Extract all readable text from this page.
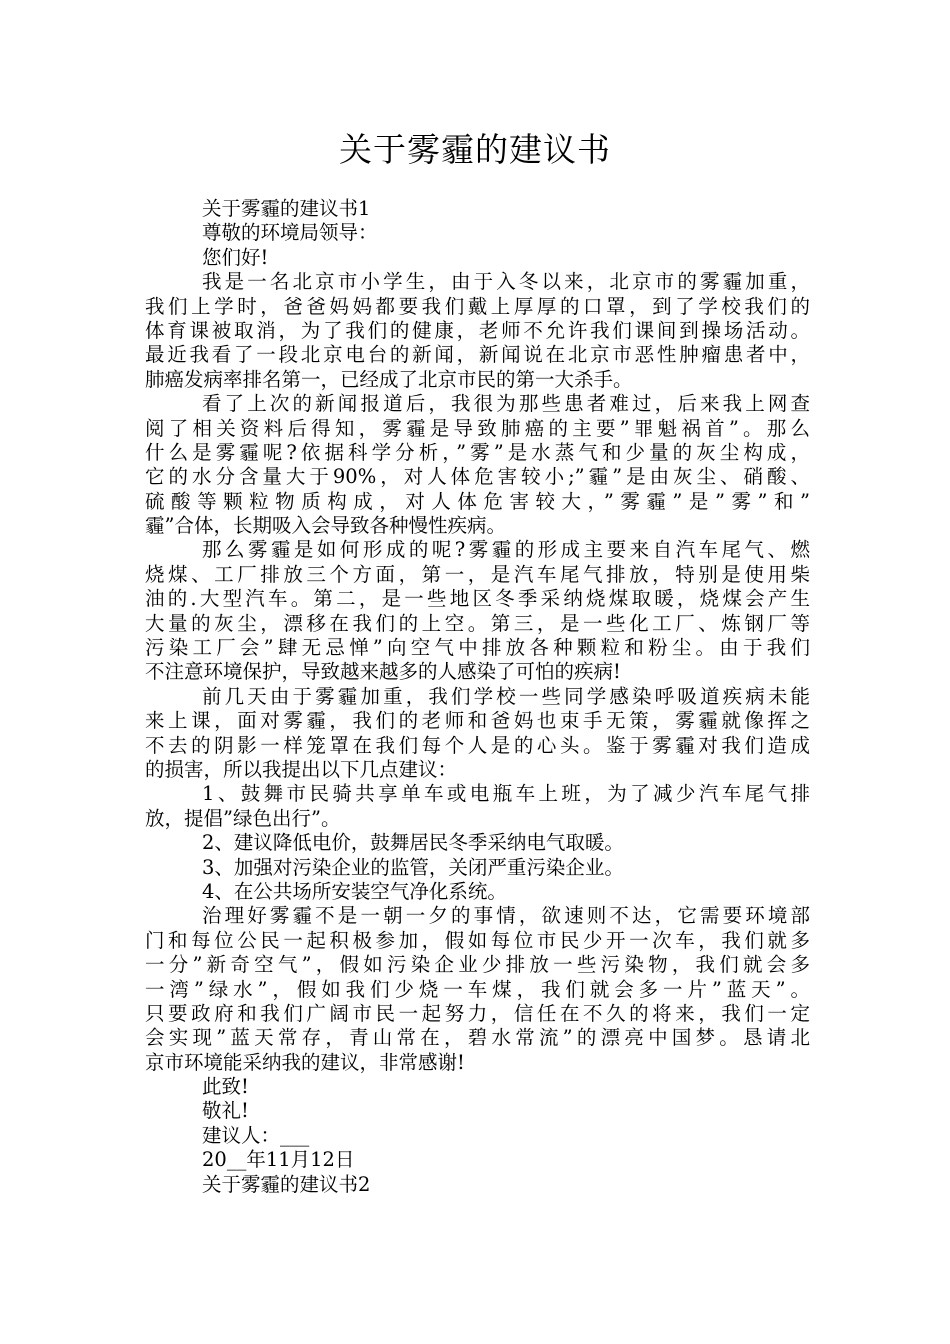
关于雾霾的建议书
关于雾霾的建议书1
尊敬的环境局领导：
您们好!
我是一名北京市小学生，由于入冬以来，北京市的雾霾加重，
我们上学时，爸爸妈妈都要我们戴上厚厚的口罩，到了学校我们的
体育课被取消，为了我们的健康，老师不允许我们课间到操场活动。
最近我看了一段北京电台的新闻，新闻说在北京市恶性肿瘤患者中，
肺癌发病率排名第一，已经成了北京市民的第一大杀手。
看了上次的新闻报道后，我很为那些患者难过，后来我上网查
阅了相关资料后得知，雾霾是导致肺癌的主要”罪魁祸首”。那么
什么是雾霾呢?依据科学分析，”雾”是水蒸气和少量的灰尘构成，
它的水分含量大于90%，对人体危害较小;”霾”是由灰尘、硝酸、
硫酸等颗粒物质构成，对人体危害较大，”雾霾”是”雾”和”
霾”合体，长期吸入会导致各种慢性疾病。
那么雾霾是如何形成的呢?雾霾的形成主要来自汽车尾气、燃
烧煤、工厂排放三个方面，第一，是汽车尾气排放，特别是使用柴
油的.大型汽车。第二，是一些地区冬季采纳烧煤取暖，烧煤会产生
大量的灰尘，漂移在我们的上空。第三，是一些化工厂、炼钢厂等
污染工厂会”肆无忌惮”向空气中排放各种颗粒和粉尘。由于我们
不注意环境保护，导致越来越多的人感染了可怕的疾病!
前几天由于雾霾加重，我们学校一些同学感染呼吸道疾病未能
来上课，面对雾霾，我们的老师和爸妈也束手无策，雾霾就像挥之
不去的阴影一样笼罩在我们每个人是的心头。鉴于雾霾对我们造成
的损害，所以我提出以下几点建议：
1、鼓舞市民骑共享单车或电瓶车上班，为了减少汽车尾气排
放，提倡”绿色出行”。
2、建议降低电价，鼓舞居民冬季采纳电气取暖。
3、加强对污染企业的监管，关闭严重污染企业。
4、在公共场所安装空气净化系统。
治理好雾霾不是一朝一夕的事情，欲速则不达，它需要环境部
门和每位公民一起积极参加，假如每位市民少开一次车，我们就多
一分”新奇空气”，假如污染企业少排放一些污染物，我们就会多
一湾”绿水”，假如我们少烧一车煤，我们就会多一片”蓝天”。
只要政府和我们广阔市民一起努力，信任在不久的将来，我们一定
会实现”蓝天常存，青山常在，碧水常流”的漂亮中国梦。恳请北
京市环境能采纳我的建议，非常感谢!
此致!
敬礼!
建议人：___
20__年11月12日
关于雾霾的建议书2
